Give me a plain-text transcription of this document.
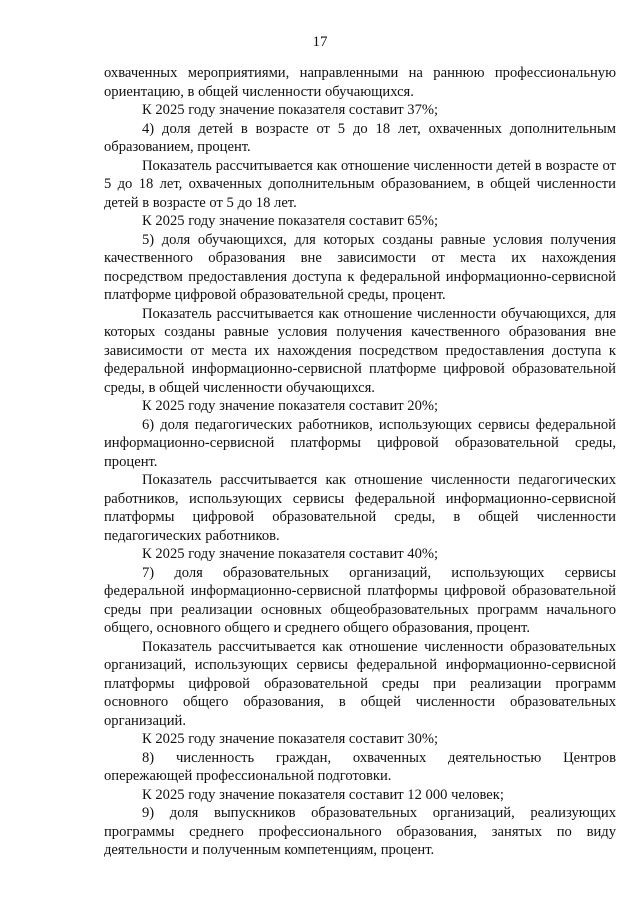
17

охваченных мероприятиями, направленными на раннюю профессиональную ориентацию, в общей численности обучающихся.

К 2025 году значение показателя составит 37%;

4) доля детей в возрасте от 5 до 18 лет, охваченных дополнительным образованием, процент.

Показатель рассчитывается как отношение численности детей в возрасте от 5 до 18 лет, охваченных дополнительным образованием, в общей численности детей в возрасте от 5 до 18 лет.

К 2025 году значение показателя составит 65%;

5) доля обучающихся, для которых созданы равные условия получения качественного образования вне зависимости от места их нахождения посредством предоставления доступа к федеральной информационно-сервисной платформе цифровой образовательной среды, процент.

Показатель рассчитывается как отношение численности обучающихся, для которых созданы равные условия получения качественного образования вне зависимости от места их нахождения посредством предоставления доступа к федеральной информационно-сервисной платформе цифровой образовательной среды, в общей численности обучающихся.

К 2025 году значение показателя составит 20%;

6) доля педагогических работников, использующих сервисы федеральной информационно-сервисной платформы цифровой образовательной среды, процент.

Показатель рассчитывается как отношение численности педагогических работников, использующих сервисы федеральной информационно-сервисной платформы цифровой образовательной среды, в общей численности педагогических работников.

К 2025 году значение показателя составит 40%;

7) доля образовательных организаций, использующих сервисы федеральной информационно-сервисной платформы цифровой образовательной среды при реализации основных общеобразовательных программ начального общего, основного общего и среднего общего образования, процент.

Показатель рассчитывается как отношение численности образовательных организаций, использующих сервисы федеральной информационно-сервисной платформы цифровой образовательной среды при реализации программ основного общего образования, в общей численности образовательных организаций.

К 2025 году значение показателя составит 30%;

8) численность граждан, охваченных деятельностью Центров опережающей профессиональной подготовки.

К 2025 году значение показателя составит 12 000 человек;

9) доля выпускников образовательных организаций, реализующих программы среднего профессионального образования, занятых по виду деятельности и полученным компетенциям, процент.
